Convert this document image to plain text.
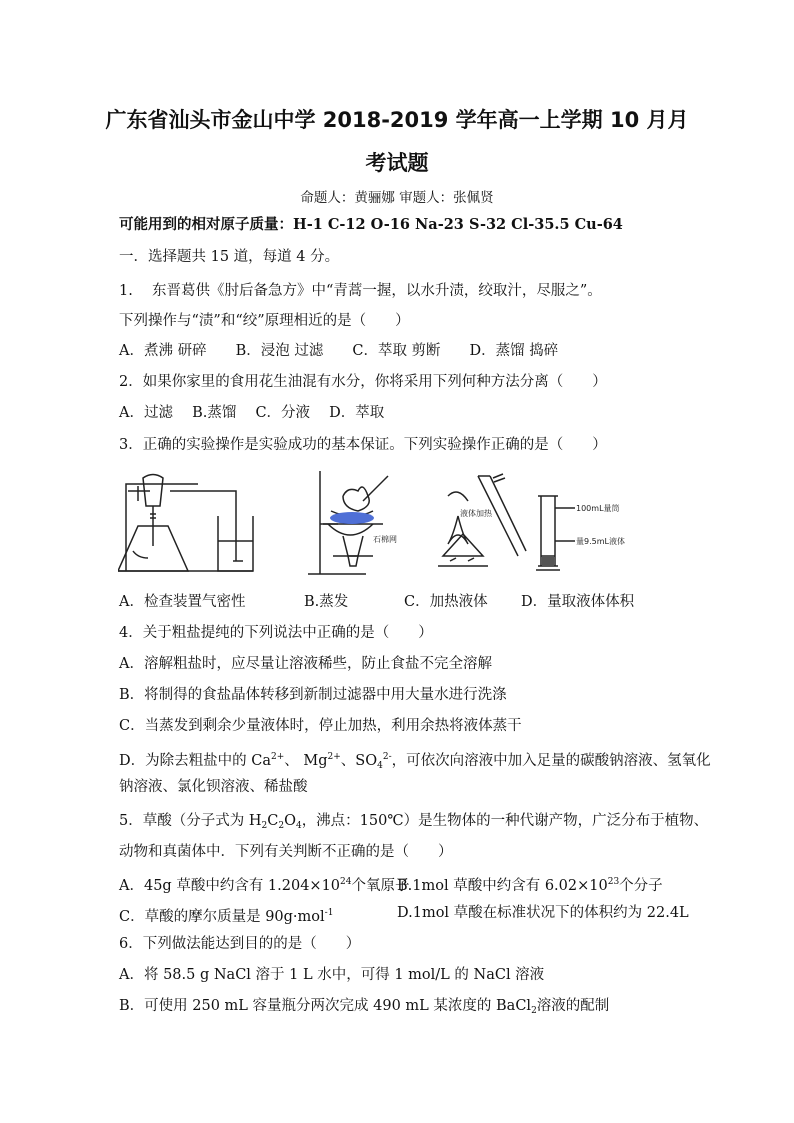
广东省汕头市金山中学 2018-2019 学年高一上学期 10 月月
考试题
命题人：黄骊娜 审题人：张佩贤
可能用到的相对原子质量：H-1 C-12 O-16 Na-23 S-32 Cl-35.5 Cu-64
一．选择题共 15 道，每道 4 分。
1.　 东晋葛供《肘后备急方》中“青蒿一握，以水升渍，绞取汁，尽服之”。
下列操作与“渍”和“绞”原理相近的是（　　）
A．煮沸 研碎　　B．浸泡 过滤　　C．萃取 剪断　　D．蒸馏 捣碎
2．如果你家里的食用花生油混有水分，你将采用下列何种方法分离（　　）
A．过滤　 B.蒸馏　 C．分液　 D．萃取
3．正确的实验操作是实验成功的基本保证。下列实验操作正确的是（　　）
石棉网
液体加热
100mL量筒
量9.5mL液体
A．检查装置气密性	B.蒸发	C．加热液体 D．量取液体体积
4．关于粗盐提纯的下列说法中正确的是（　　）
A．溶解粗盐时，应尽量让溶液稀些，防止食盐不完全溶解
B．将制得的食盐晶体转移到新制过滤器中用大量水进行洗涤
C．当蒸发到剩余少量液体时，停止加热，利用余热将液体蒸干
D．为除去粗盐中的 $Ca^{2+}$、 $Mg^{2+}$、$SO_4^{2-}$，可依次向溶液中加入足量的碳酸钠溶液、氢氧化
钠溶液、氯化钡溶液、稀盐酸
5．草酸（分子式为 $H_2C_2O_4$，沸点：150℃）是生物体的一种代谢产物，广泛分布于植物、
动物和真菌体中．下列有关判断不正确的是（　　）
A．45g 草酸中约含有 $1.204\times 10^{24}$个氧原子
B.1mol 草酸中约含有 $6.02\times 10^{23}$个分子
C．草酸的摩尔质量是 90g·mol$^{-1}$	D.1mol 草酸在标准状况下的体积约为 22.4L
6．下列做法能达到目的的是（　　）
A．将 58.5 g NaCl 溶于 1 L 水中，可得 1 mol/L 的 NaCl 溶液
B．可使用 250 mL 容量瓶分两次完成 490 mL 某浓度的 BaCl$_2$溶液的配制
